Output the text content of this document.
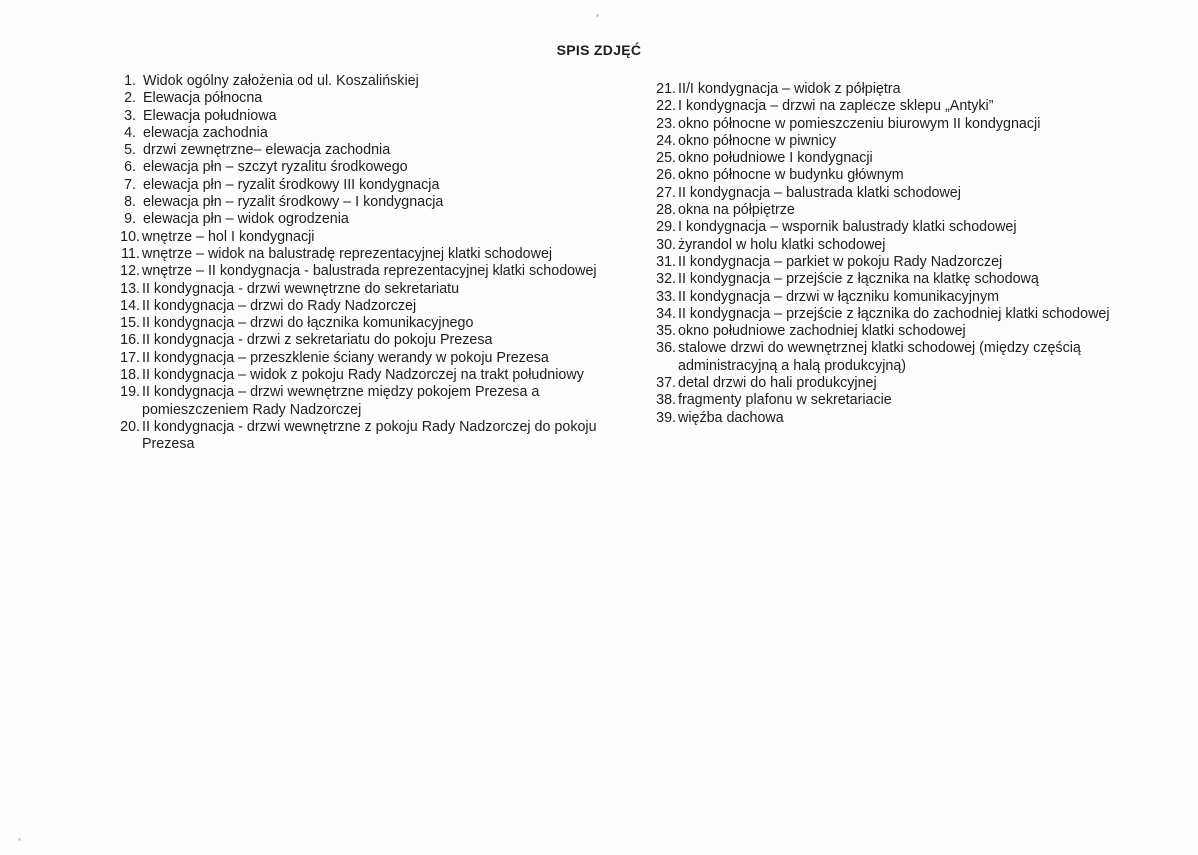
SPIS ZDJĘĆ
1. Widok ogólny założenia od ul. Koszalińskiej
2. Elewacja północna
3. Elewacja południowa
4. elewacja zachodnia
5. drzwi zewnętrzne– elewacja zachodnia
6. elewacja płn – szczyt ryzalitu środkowego
7. elewacja płn – ryzalit środkowy III kondygnacja
8. elewacja płn – ryzalit środkowy – I kondygnacja
9. elewacja płn – widok ogrodzenia
10. wnętrze – hol I kondygnacji
11. wnętrze – widok na balustradę reprezentacyjnej klatki schodowej
12. wnętrze – II kondygnacja - balustrada reprezentacyjnej klatki schodowej
13. II kondygnacja - drzwi wewnętrzne do sekretariatu
14. II kondygnacja – drzwi do Rady Nadzorczej
15. II kondygnacja – drzwi do łącznika komunikacyjnego
16. II kondygnacja - drzwi z sekretariatu do pokoju Prezesa
17. II kondygnacja – przeszklenie ściany werandy w pokoju Prezesa
18. II kondygnacja – widok z pokoju Rady Nadzorczej na trakt południowy
19. II kondygnacja – drzwi wewnętrzne między pokojem Prezesa a pomieszczeniem Rady Nadzorczej
20. II kondygnacja - drzwi wewnętrzne z pokoju Rady Nadzorczej do pokoju Prezesa
21. II/I kondygnacja – widok z półpiętra
22. I kondygnacja – drzwi na zaplecze sklepu „Antyki”
23. okno północne w pomieszczeniu biurowym II kondygnacji
24. okno północne w piwnicy
25. okno południowe I kondygnacji
26. okno północne w budynku głównym
27. II kondygnacja – balustrada klatki schodowej
28. okna na półpiętrze
29. I kondygnacja – wspornik balustrady klatki schodowej
30. żyrandol w holu klatki schodowej
31. II kondygnacja – parkiet w pokoju Rady Nadzorczej
32. II kondygnacja – przejście z łącznika na klatkę schodową
33. II kondygnacja – drzwi w łączniku komunikacyjnym
34. II kondygnacja – przejście z łącznika do zachodniej klatki schodowej
35. okno południowe zachodniej klatki schodowej
36. stalowe drzwi do wewnętrznej klatki schodowej (między częścią administracyjną a halą produkcyjną)
37. detal drzwi do hali produkcyjnej
38. fragmenty plafonu w sekretariacie
39. więźba dachowa
